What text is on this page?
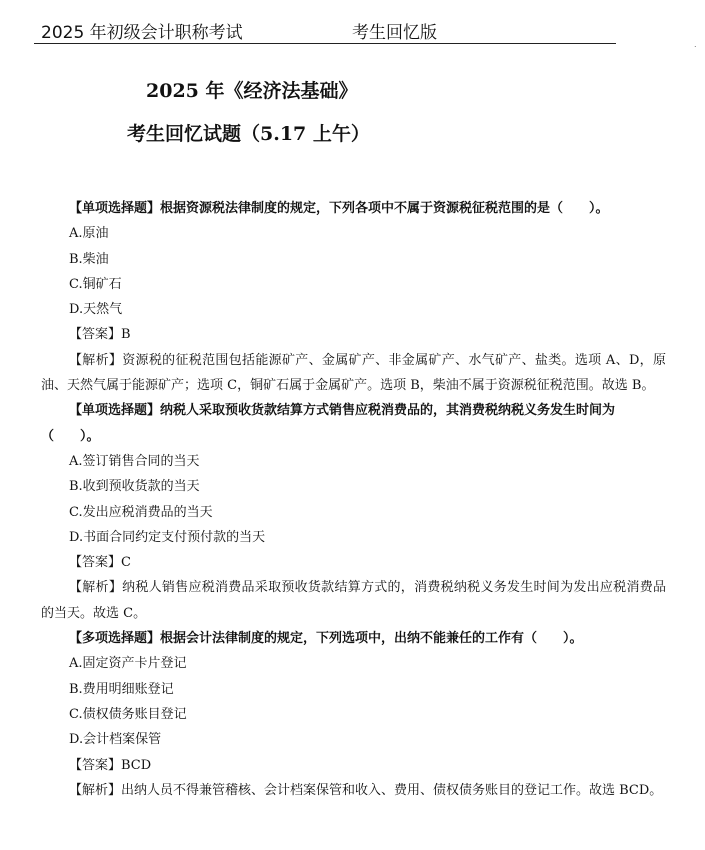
2025 年初级会计职称考试	考生回忆版
.
2025 年《经济法基础》
考生回忆试题（5.17 上午）
【单项选择题】根据资源税法律制度的规定，下列各项中不属于资源税征税范围的是（　　）。
A.原油
B.柴油
C.铜矿石
D.天然气
【答案】B
【解析】资源税的征税范围包括能源矿产、金属矿产、非金属矿产、水气矿产、盐类。选项 A、D，原油、天然气属于能源矿产；选项 C，铜矿石属于金属矿产。选项 B，柴油不属于资源税征税范围。故选 B。
【单项选择题】纳税人采取预收货款结算方式销售应税消费品的，其消费税纳税义务发生时间为（　　）。
A.签订销售合同的当天
B.收到预收货款的当天
C.发出应税消费品的当天
D.书面合同约定支付预付款的当天
【答案】C
【解析】纳税人销售应税消费品采取预收货款结算方式的，消费税纳税义务发生时间为发出应税消费品的当天。故选 C。
【多项选择题】根据会计法律制度的规定，下列选项中，出纳不能兼任的工作有（　　）。
A.固定资产卡片登记
B.费用明细账登记
C.债权债务账目登记
D.会计档案保管
【答案】BCD
【解析】出纳人员不得兼管稽核、会计档案保管和收入、费用、债权债务账目的登记工作。故选 BCD。
